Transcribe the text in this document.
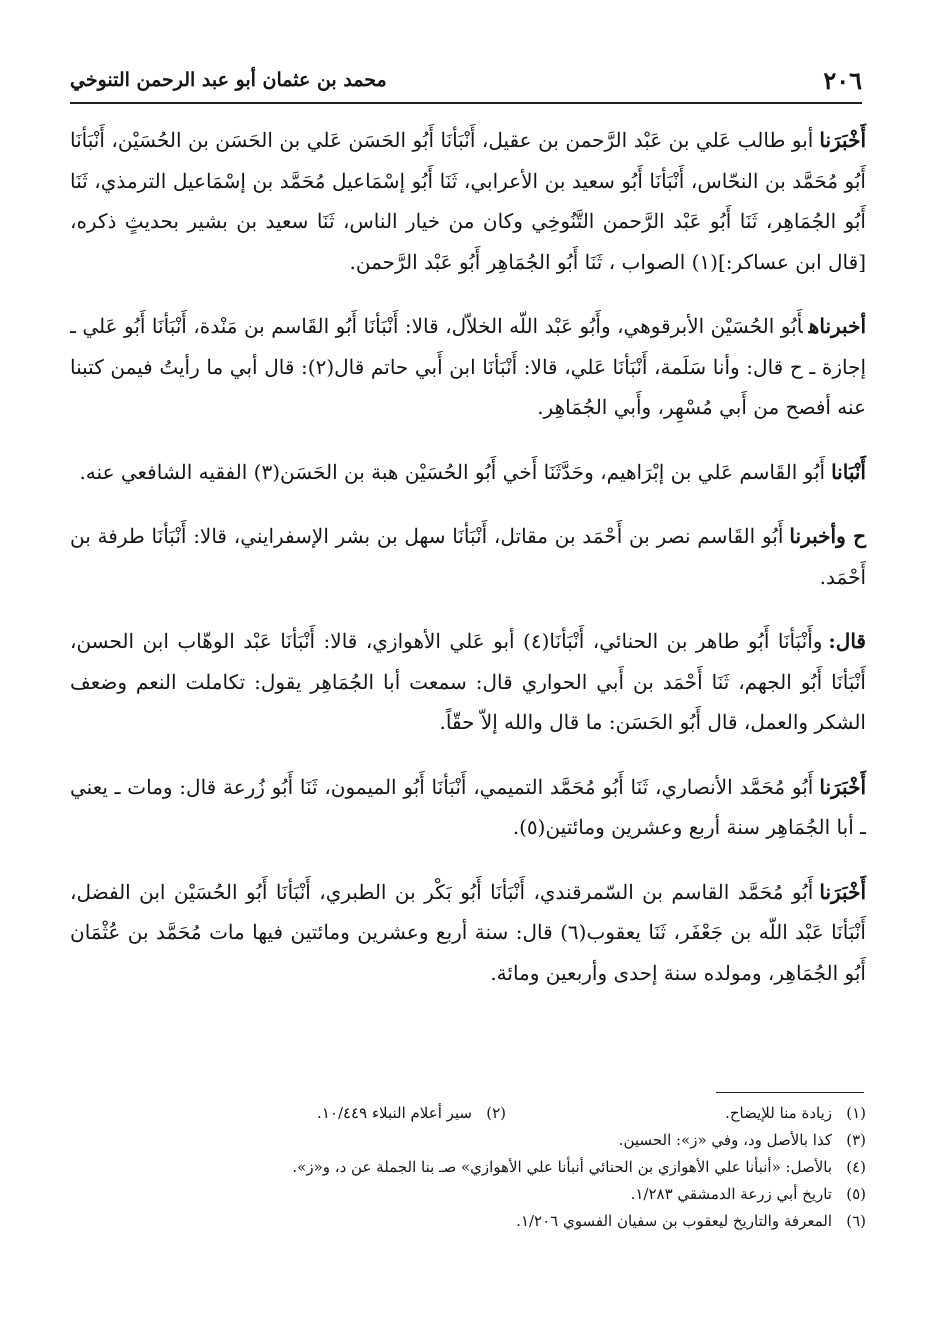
٢٠٦
محمد بن عثمان أبو عبد الرحمن التنوخي

أَخْبَرَناأبو طالب عَلي بن عَبْد الرَّحمن بن عقيل، أَنْبَأنَا أَبُو الحَسَن عَلي بن الحَسَن بن الحُسَيْن، أَنْبَأنَا أَبُو مُحَمَّد بن النحّاس، أَنْبَأنَا أَبُو سعيد بن الأعرابي، ثَنَا أَبُو إسْمَاعيل مُحَمَّد بن إسْمَاعيل الترمذي، ثَنَا أَبُو الجُمَاهِر، ثَنَا أَبُو عَبْد الرَّحمن التَّنُوخِي وكان من خيار الناس، ثَنَا سعيد بن بشير بحديثٍ ذكره، [قال ابن عساكر:](١) الصواب ، ثَنَا أَبُو الجُمَاهِر أَبُو عَبْد الرَّحمن.

أخبرناهأَبُو الحُسَيْن الأبرقوهي، وأَبُو عَبْد اللّه الخلاّل، قالا: أَنْبَأنَا أَبُو القَاسم بن مَنْدة، أَنْبَأنَا أَبُو عَلي ـ إجازة ـ ح قال: وأنا سَلَمة، أَنْبَأنَا عَلي، قالا: أَنْبَأنَا ابن أَبي حاتم قال(٢): قال أبي ما رأيتُ فيمن كتبنا عنه أفصح من أَبي مُسْهِر، وأَبي الجُمَاهِر.

أَنْبَاناأَبُو القَاسم عَلي بن إبْرَاهيم، وحَدَّثَنَا أَخي أَبُو الحُسَيْن هبة بن الحَسَن(٣) الفقيه الشافعي عنه.

ح وأخبرناأَبُو القَاسم نصر بن أَحْمَد بن مقاتل، أَنْبَأنَا سهل بن بشر الإسفرايني، قالا: أَنْبَأنَا طرفة بن أَحْمَد.

قال:وأَنْبَأنَا أَبُو طاهر بن الحنائي، أَنْبَأنَا(٤) أبو عَلي الأهوازي، قالا: أَنْبَأنَا عَبْد الوهّاب ابن الحسن، أَنْبَأنَا أَبُو الجهم، ثَنَا أَحْمَد بن أَبي الحواري قال: سمعت أبا الجُمَاهِر يقول: تكاملت النعم وضعف الشكر والعمل، قال أَبُو الحَسَن: ما قال والله إلاّ حقّاً.

أَخْبَرَناأَبُو مُحَمَّد الأنصاري، ثَنَا أَبُو مُحَمَّد التميمي، أَنْبَأنَا أَبُو الميمون، ثَنَا أَبُو زُرعة قال: ومات ـ يعني ـ أبا الجُمَاهِر سنة أربع وعشرين ومائتين(٥).

أَخْبَرَناأَبُو مُحَمَّد القاسم بن السّمرقندي، أَنْبَأنَا أَبُو بَكْر بن الطبري، أَنْبَأنَا أَبُو الحُسَيْن ابن الفضل، أَنْبَأنَا عَبْد اللّه بن جَعْفَر، ثَنَا يعقوب(٦) قال: سنة أربع وعشرين ومائتين فيها مات مُحَمَّد بن عُثْمَان أَبُو الجُمَاهِر، ومولده سنة إحدى وأربعين ومائة.

(١)
زيادة منا للإيضاح.
(٢)
سير أعلام النبلاء ١٠/٤٤٩.
(٣)
كذا بالأصل ود، وفي «ز»: الحسين.
(٤)
بالأصل: «أنبأنا علي الأهوازي بن الحنائي أنبأنا علي الأهوازي» صـ بنا الجملة عن د، و«ز».
(٥)
تاريخ أبي زرعة الدمشقي ١/٢٨٣.
(٦)
المعرفة والتاريخ ليعقوب بن سفيان الفسوي ١/٢٠٦.
